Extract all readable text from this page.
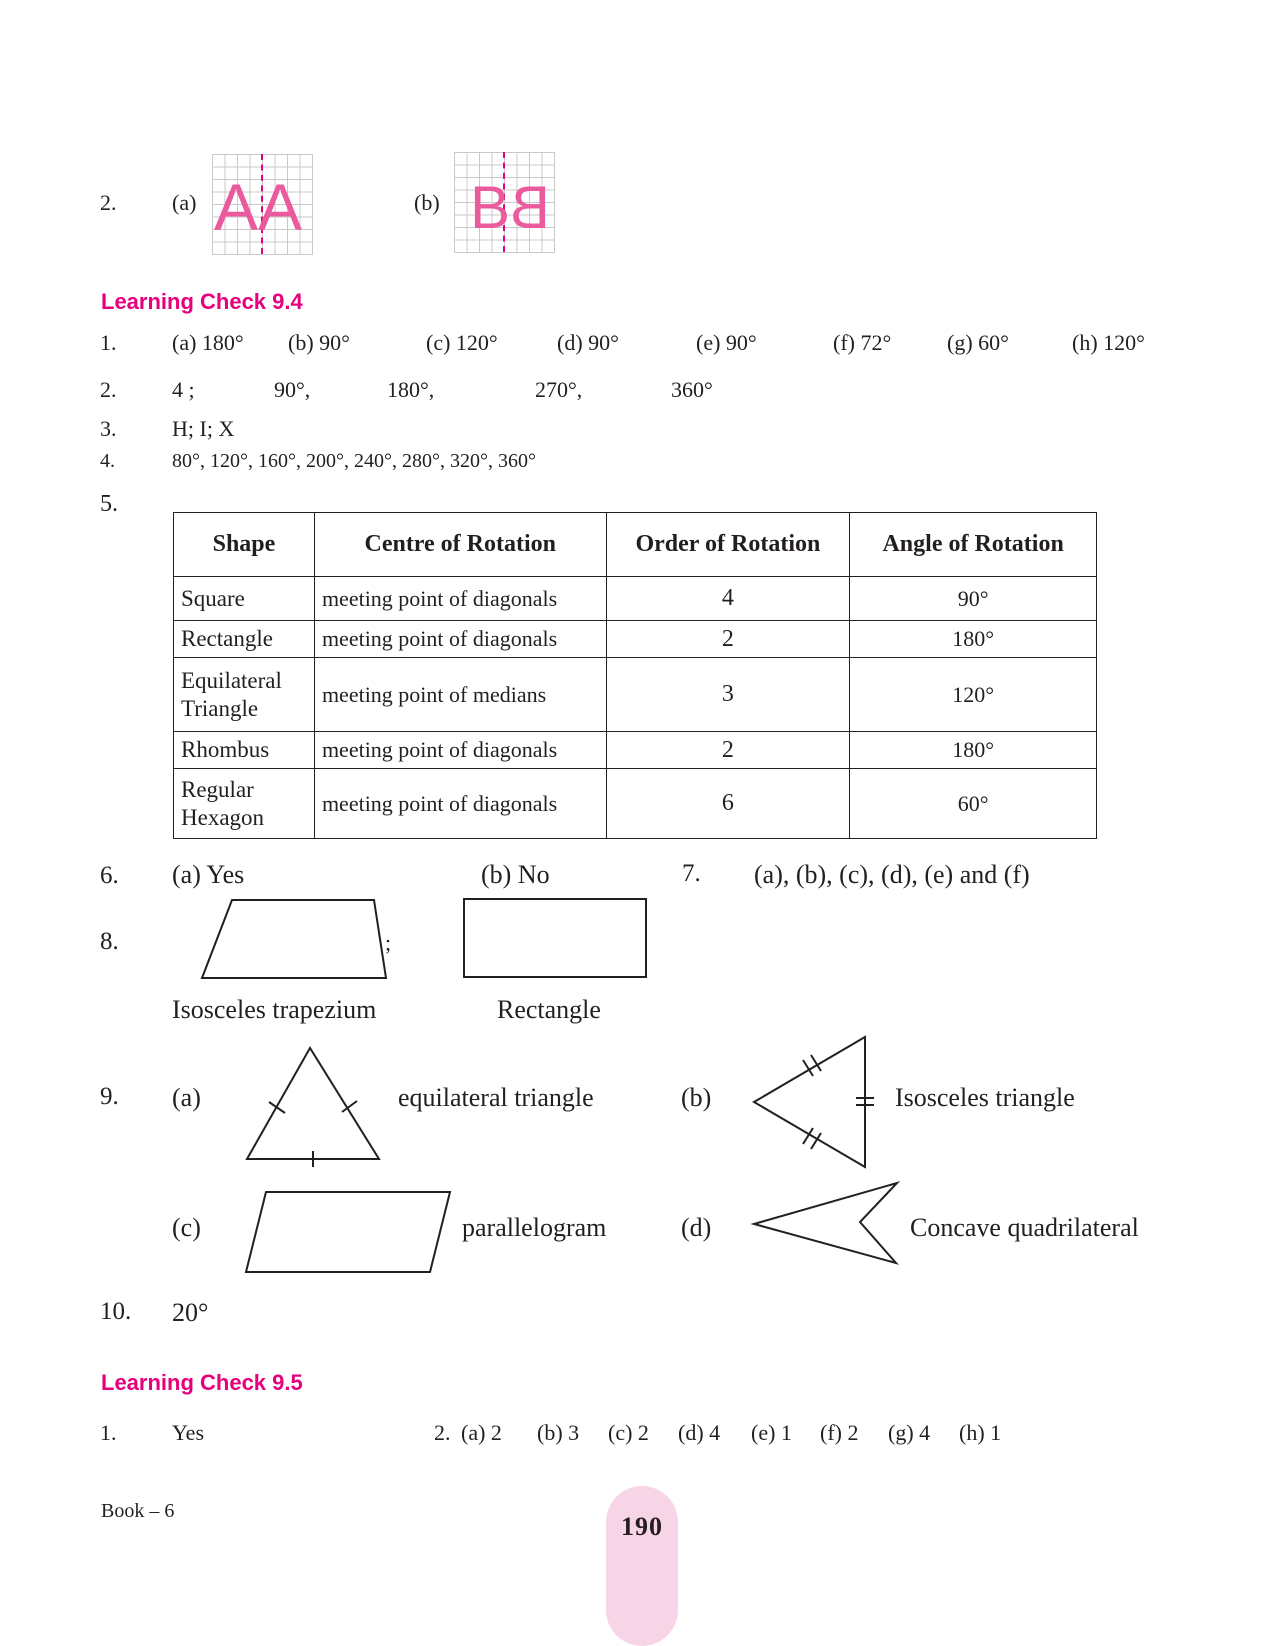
2.	(a) AA	(b) B B
Learning Check 9.4
1.	(a) 180° (b) 90°	(c) 120°	(d) 90°	(e) 90°	(f) 72°	(g) 60°	(h) 120°
2.	4 ;	90°,	180°,	270°,	360°
3.	H; I; X
4.	80°, 120°, 160°, 200°, 240°, 280°, 320°, 360°
5.
Shape	Centre of Rotation	Order of Rotation	Angle of Rotation
Square	meeting point of diagonals	4	90°
Rectangle	meeting point of diagonals	2	180°
Equilateral Triangle	meeting point of medians	3	120°
Rhombus	meeting point of diagonals	2	180°
Regular Hexagon	meeting point of diagonals	6	60°
6. (a) Yes	(b) No	7. (a), (b), (c), (d), (e) and (f)
8.	;
Isosceles trapezium	Rectangle
9. (a)	equilateral triangle	(b)	Isosceles triangle
(c)	parallelogram	(d)	Concave quadrilateral
10. 20°
Learning Check 9.5
1.	Yes	2. (a) 2 (b) 3 (c) 2 (d) 4 (e) 1 (f) 2 (g) 4 (h) 1
Book – 6
190
